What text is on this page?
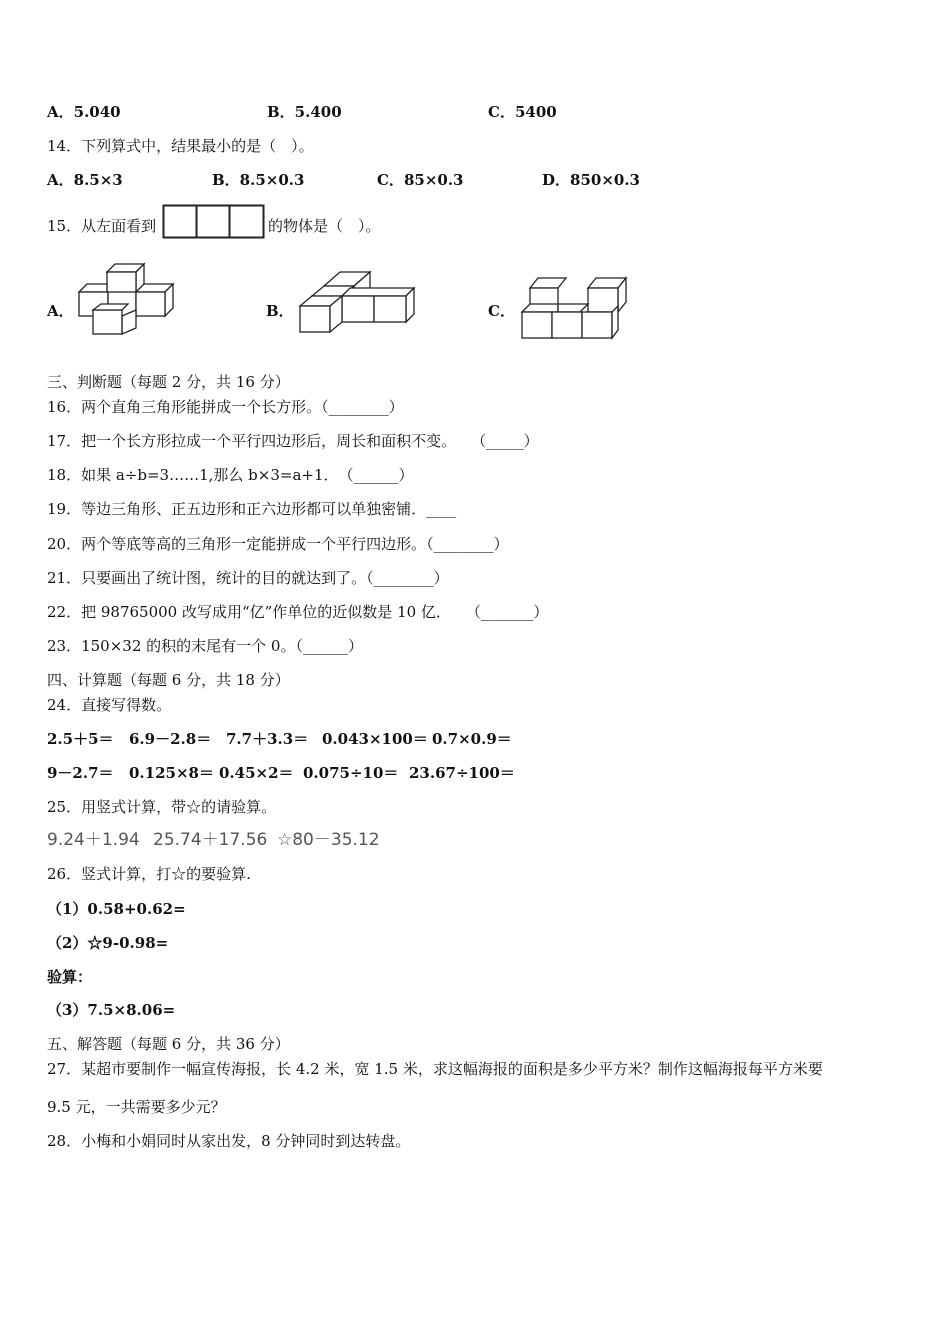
A．5.040	B．5.400	C．5400
14．下列算式中，结果最小的是（　）。
A．8.5×3	B．8.5×0.3	C．85×0.3	D．850×0.3
15．从左面看到	的物体是（　）。
A．	B．	C．
三、判断题（每题 2 分，共 16 分）
16．两个直角三角形能拼成一个长方形。（________）
17．把一个长方形拉成一个平行四边形后，周长和面积不变。　　（_____）
18．如果 a÷b=3……1,那么 b×3=a+1．　（______）
19．等边三角形、正五边形和正六边形都可以单独密铺．____
20．两个等底等高的三角形一定能拼成一个平行四边形。（________）
21．只要画出了统计图，统计的目的就达到了。（________）
22．把 98765000 改写成用“亿”作单位的近似数是 10 亿．　　（_______）
23．150×32 的积的末尾有一个 0。（______）
四、计算题（每题 6 分，共 18 分）
24．直接写得数。
2.5＋5＝ 6.9－2.8＝ 7.7＋3.3＝ 0.043×100＝ 0.7×0.9＝
9－2.7＝ 0.125×8＝ 0.45×2＝ 0.075÷10＝ 23.67÷100＝
25．用竖式计算，带☆的请验算。
9.24＋1.94 25.74＋17.56 ☆80－35.12
26．竖式计算，打☆的要验算.
（1）0.58+0.62=
（2）☆9-0.98=
验算：
（3）7.5×8.06=
五、解答题（每题 6 分，共 36 分）
27．某超市要制作一幅宣传海报，长 4.2 米，宽 1.5 米，求这幅海报的面积是多少平方米？制作这幅海报每平方米要
9.5 元，一共需要多少元？
28．小梅和小娟同时从家出发，8 分钟同时到达转盘。
